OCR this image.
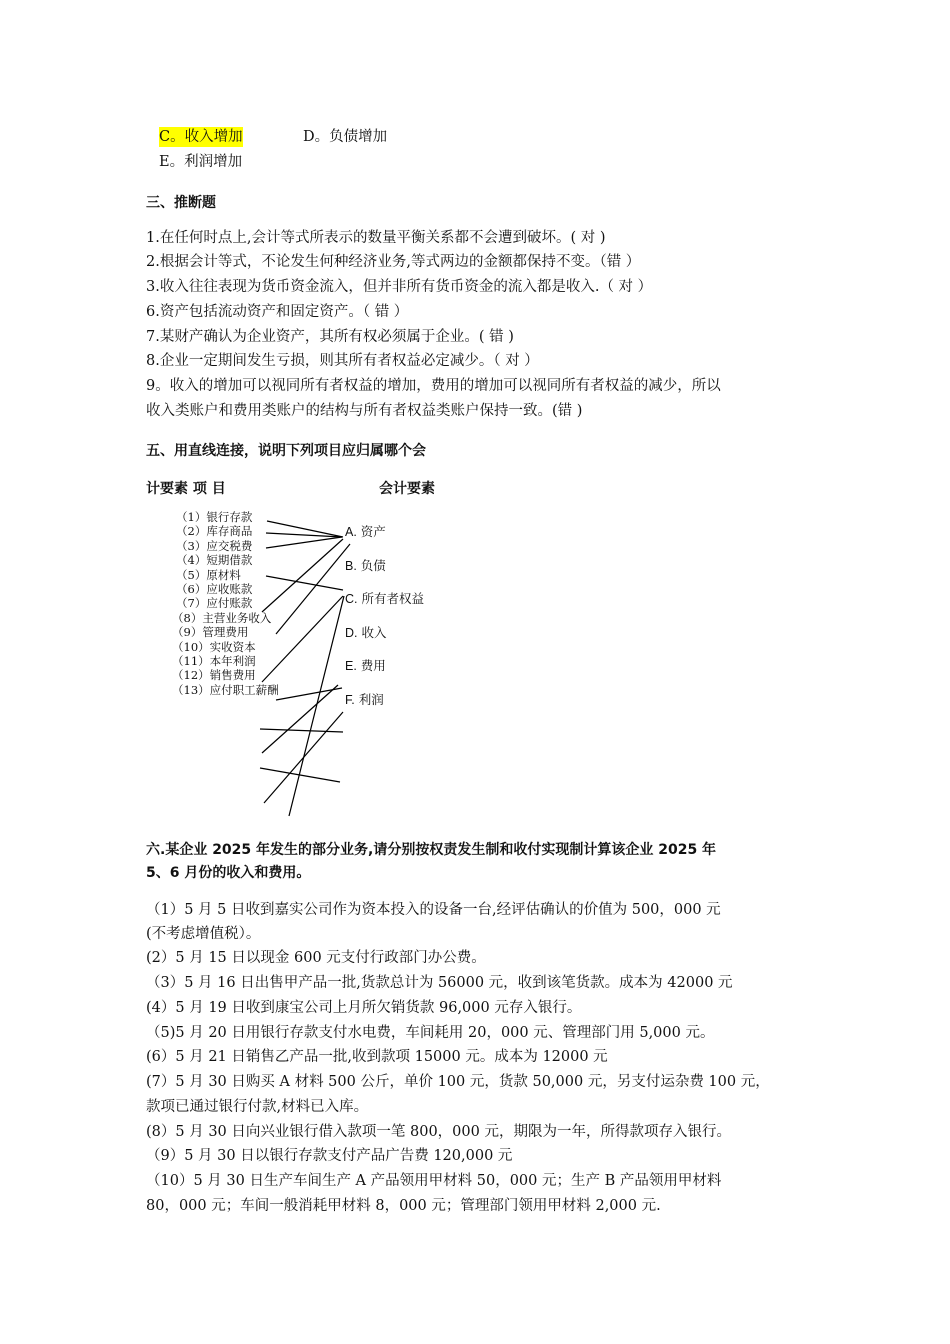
C。收入增加	D。负债增加
E。利润增加
三、推断题
1.在任何时点上,会计等式所表示的数量平衡关系都不会遭到破坏。( 对 )
2.根据会计等式，不论发生何种经济业务,等式两边的金额都保持不变。（错 ）
3.收入往往表现为货币资金流入，但并非所有货币资金的流入都是收入.（ 对 ）
6.资产包括流动资产和固定资产。（ 错 ）
7.某财产确认为企业资产，其所有权必须属于企业。( 错 )
8.企业一定期间发生亏损，则其所有者权益必定减少。（ 对 ）
9。收入的增加可以视同所有者权益的增加，费用的增加可以视同所有者权益的减少，所以
收入类账户和费用类账户的结构与所有者权益类账户保持一致。(错 )
五、用直线连接，说明下列项目应归属哪个会
计要素 项 目	会计要素
（1）银行存款
（2）库存商品
（3）应交税费
（4）短期借款
（5）原材料
（6）应收账款
（7）应付账款
（8）主营业务收入
（9）管理费用
（10）实收资本
（11）本年利润
（12）销售费用
（13）应付职工薪酬
A. 资产
B. 负债
C. 所有者权益
D. 收入
E. 费用
F. 利润
六.某企业 2025 年发生的部分业务,请分别按权责发生制和收付实现制计算该企业 2025 年
5、6 月份的收入和费用。
（1）5 月 5 日收到嘉实公司作为资本投入的设备一台,经评估确认的价值为 500，000 元
(不考虑增值税）。
(2）5 月 15 日以现金 600 元支付行政部门办公费。
（3）5 月 16 日出售甲产品一批,货款总计为 56000 元，收到该笔货款。成本为 42000 元
(4）5 月 19 日收到康宝公司上月所欠销货款 96,000 元存入银行。
（5)5 月 20 日用银行存款支付水电费，车间耗用 20，000 元、管理部门用 5,000 元。
(6）5 月 21 日销售乙产品一批,收到款项 15000 元。成本为 12000 元
(7）5 月 30 日购买 A 材料 500 公斤，单价 100 元，货款 50,000 元，另支付运杂费 100 元，
款项已通过银行付款,材料已入库。
(8）5 月 30 日向兴业银行借入款项一笔 800，000 元，期限为一年，所得款项存入银行。
（9）5 月 30 日以银行存款支付产品广告费 120,000 元
（10）5 月 30 日生产车间生产 A 产品领用甲材料 50，000 元；生产 B 产品领用甲材料
80，000 元；车间一般消耗甲材料 8，000 元；管理部门领用甲材料 2,000 元.
